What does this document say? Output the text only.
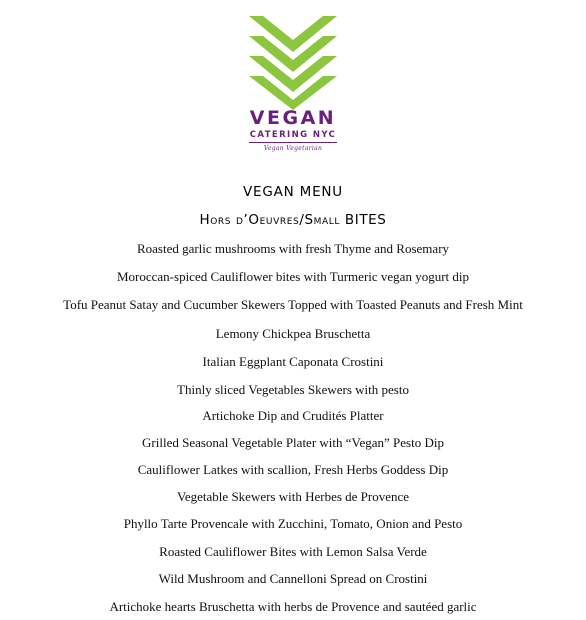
VEGAN
CATERING NYC
Vegan Vegetarian
VEGAN MENU
Hors d’Oeuvres/Small BITES
Roasted garlic mushrooms with fresh Thyme and Rosemary
Moroccan-spiced Cauliflower bites with Turmeric vegan yogurt dip
Tofu Peanut Satay and Cucumber Skewers Topped with Toasted Peanuts and Fresh Mint
Lemony Chickpea Bruschetta
Italian Eggplant Caponata Crostini
Thinly sliced Vegetables Skewers with pesto
Artichoke Dip and Crudités Platter
Grilled Seasonal Vegetable Plater with “Vegan” Pesto Dip
Cauliflower Latkes with scallion, Fresh Herbs Goddess Dip
Vegetable Skewers with Herbes de Provence
Phyllo Tarte Provencale with Zucchini, Tomato, Onion and Pesto
Roasted Cauliflower Bites with Lemon Salsa Verde
Wild Mushroom and Cannelloni Spread on Crostini
Artichoke hearts Bruschetta with herbs de Provence and sautéed garlic
